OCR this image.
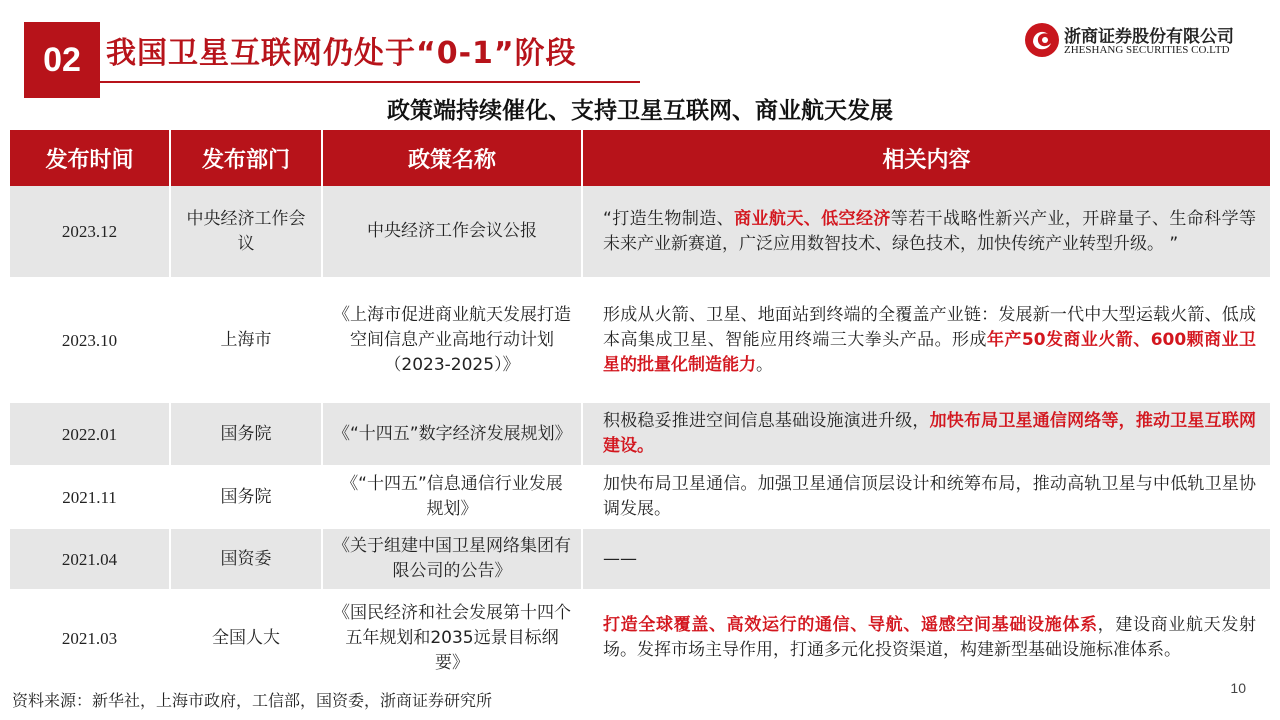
02 我国卫星互联网仍处于“0-1”阶段	浙商证券股份有限公司
ZHESHANG SECURITIES CO.LTD
政策端持续催化、支持卫星互联网、商业航天发展
发布时间	发布部门	政策名称	相关内容
2023.12	中央经济工作会议	中央经济工作会议公报	“打造生物制造、商业航天、低空经济等若干战略性新兴产业，开辟量子、生命科学等未来产业新赛道，广泛应用数智技术、绿色技术，加快传统产业转型升级。 ”
2023.10	上海市	《上海市促进商业航天发展打造空间信息产业高地行动计划（2023-2025）》	形成从火箭、卫星、地面站到终端的全覆盖产业链：发展新一代中大型运载火箭、低成本高集成卫星、智能应用终端三大拳头产品。形成年产50发商业火箭、600颗商业卫星的批量化制造能力。
2022.01	国务院	《“十四五”数字经济发展规划》	积极稳妥推进空间信息基础设施演进升级，加快布局卫星通信网络等，推动卫星互联网建设。
2021.11	国务院	《“十四五”信息通信行业发展规划》	加快布局卫星通信。加强卫星通信顶层设计和统筹布局，推动高轨卫星与中低轨卫星协调发展。
2021.04	国资委	《关于组建中国卫星网络集团有限公司的公告》	——
2021.03	全国人大	《国民经济和社会发展第十四个五年规划和2035远景目标纲要》	打造全球覆盖、高效运行的通信、导航、遥感空间基础设施体系，建设商业航天发射场。发挥市场主导作用，打通多元化投资渠道，构建新型基础设施标准体系。
资料来源：新华社，上海市政府，工信部，国资委，浙商证券研究所
10
